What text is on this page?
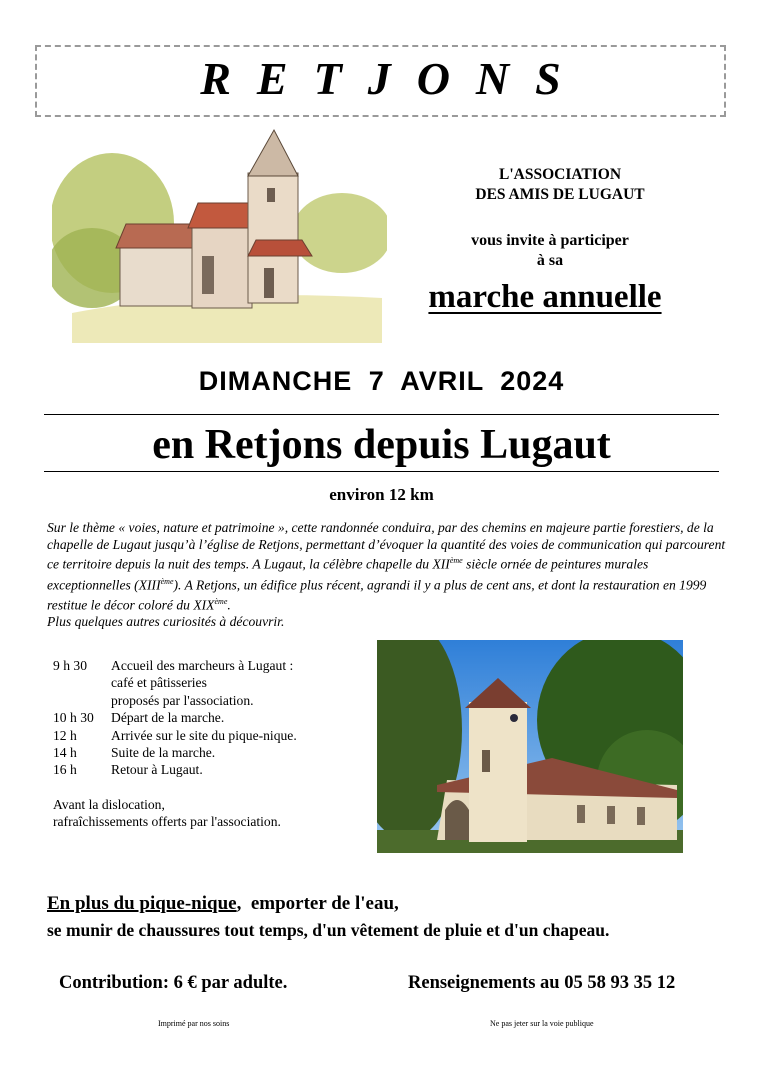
RETJONS
L'ASSOCIATION
DES AMIS DE LUGAUT
vous invite à participer
à sa
marche annuelle
DIMANCHE 7 AVRIL 2024
en Retjons depuis Lugaut
environ 12 km
Sur le thème « voies, nature et patrimoine », cette randonnée conduira, par des chemins en majeure partie forestiers, de la chapelle de Lugaut jusqu’à l’église de Retjons, permettant d’évoquer la quantité des voies de communication qui parcourent ce territoire depuis la nuit des temps. A Lugaut, la célèbre chapelle du XIIème siècle ornée de peintures murales exceptionnelles (XIIIème). A Retjons, un édifice plus récent, agrandi il y a plus de cent ans, et dont la restauration en 1999 restitue le décor coloré du XIXème.
Plus quelques autres curiosités à découvrir.
9 h 30	Accueil des marcheurs à Lugaut :
café et pâtisseries
proposés par l'association.
10 h 30	Départ de la marche.
12 h	Arrivée sur le site du pique-nique.
14 h	Suite de la marche.
16 h	Retour à Lugaut.
Avant la dislocation,
rafraîchissements offerts par l'association.
En plus du pique-nique,  emporter de l'eau,
se munir de chaussures tout temps, d'un vêtement de pluie et d'un chapeau.
Contribution: 6 € par adulte.	Renseignements au 05 58 93 35 12
Imprimé par nos soins	Ne pas jeter sur la voie publique
